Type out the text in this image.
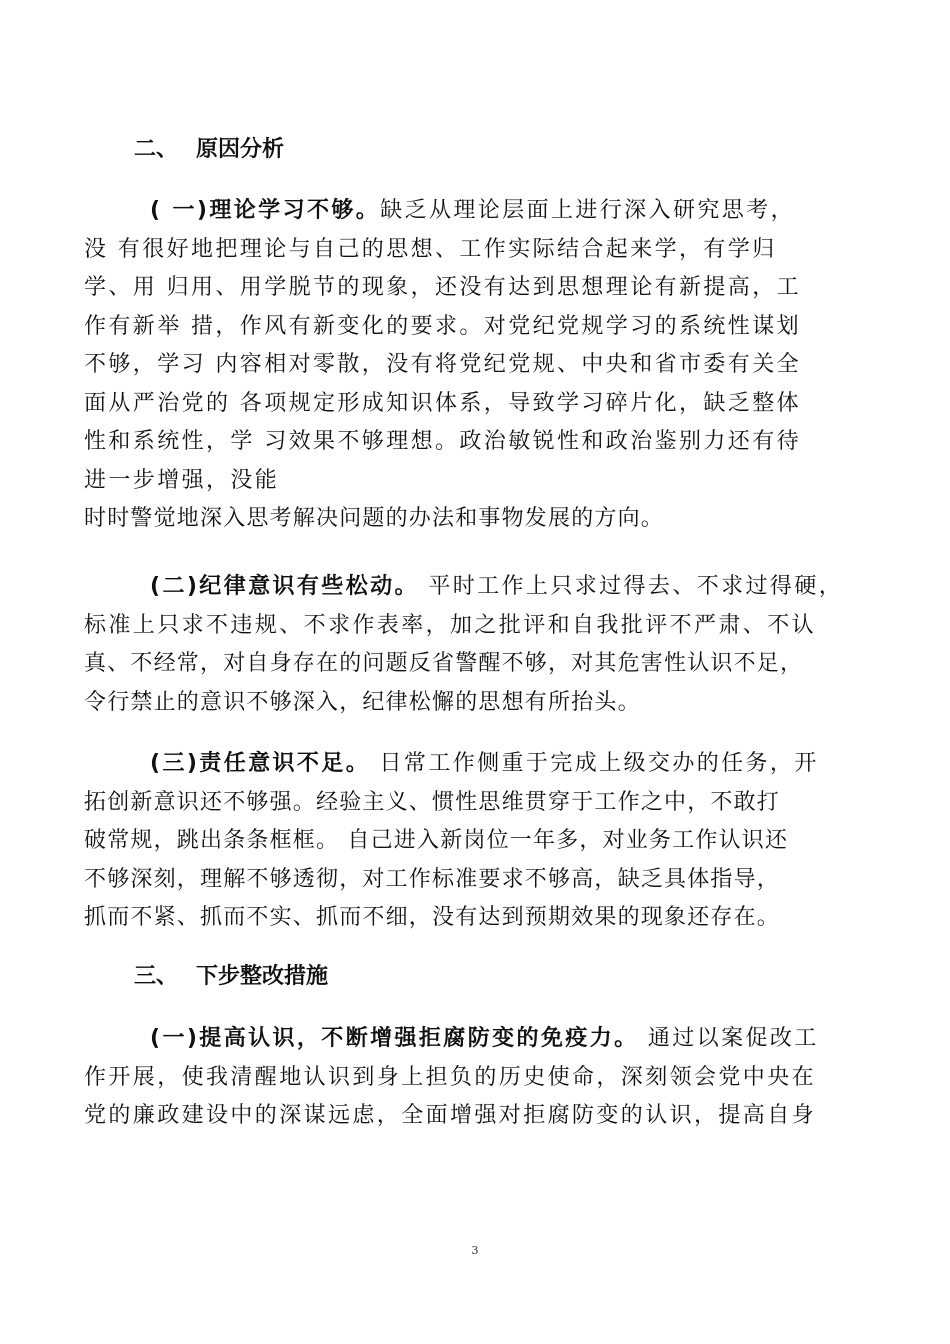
二、 原因分析
( 一)理论学习不够。缺乏从理论层面上进行深入研究思考，
没 有很好地把理论与自己的思想、工作实际结合起来学，有学归
学、用 归用、用学脱节的现象，还没有达到思想理论有新提高，工
作有新举 措，作风有新变化的要求。对党纪党规学习的系统性谋划
不够，学习 内容相对零散，没有将党纪党规、中央和省市委有关全
面从严治党的 各项规定形成知识体系，导致学习碎片化，缺乏整体
性和系统性，学 习效果不够理想。政治敏锐性和政治鉴别力还有待
进一步增强，没能
时时警觉地深入思考解决问题的办法和事物发展的方向。
(二)纪律意识有些松动。 平时工作上只求过得去、不求过得硬，
标准上只求不违规、不求作表率，加之批评和自我批评不严肃、不认
真、不经常，对自身存在的问题反省警醒不够，对其危害性认识不足，
令行禁止的意识不够深入，纪律松懈的思想有所抬头。
(三)责任意识不足。 日常工作侧重于完成上级交办的任务，开
拓创新意识还不够强。经验主义、惯性思维贯穿于工作之中，不敢打
破常规，跳出条条框框。 自己进入新岗位一年多，对业务工作认识还
不够深刻，理解不够透彻，对工作标准要求不够高，缺乏具体指导，
抓而不紧、抓而不实、抓而不细，没有达到预期效果的现象还存在。
三、 下步整改措施
(一)提高认识，不断增强拒腐防变的免疫力。 通过以案促改工
作开展，使我清醒地认识到身上担负的历史使命，深刻领会党中央在
党的廉政建设中的深谋远虑，全面增强对拒腐防变的认识，提高自身
3
